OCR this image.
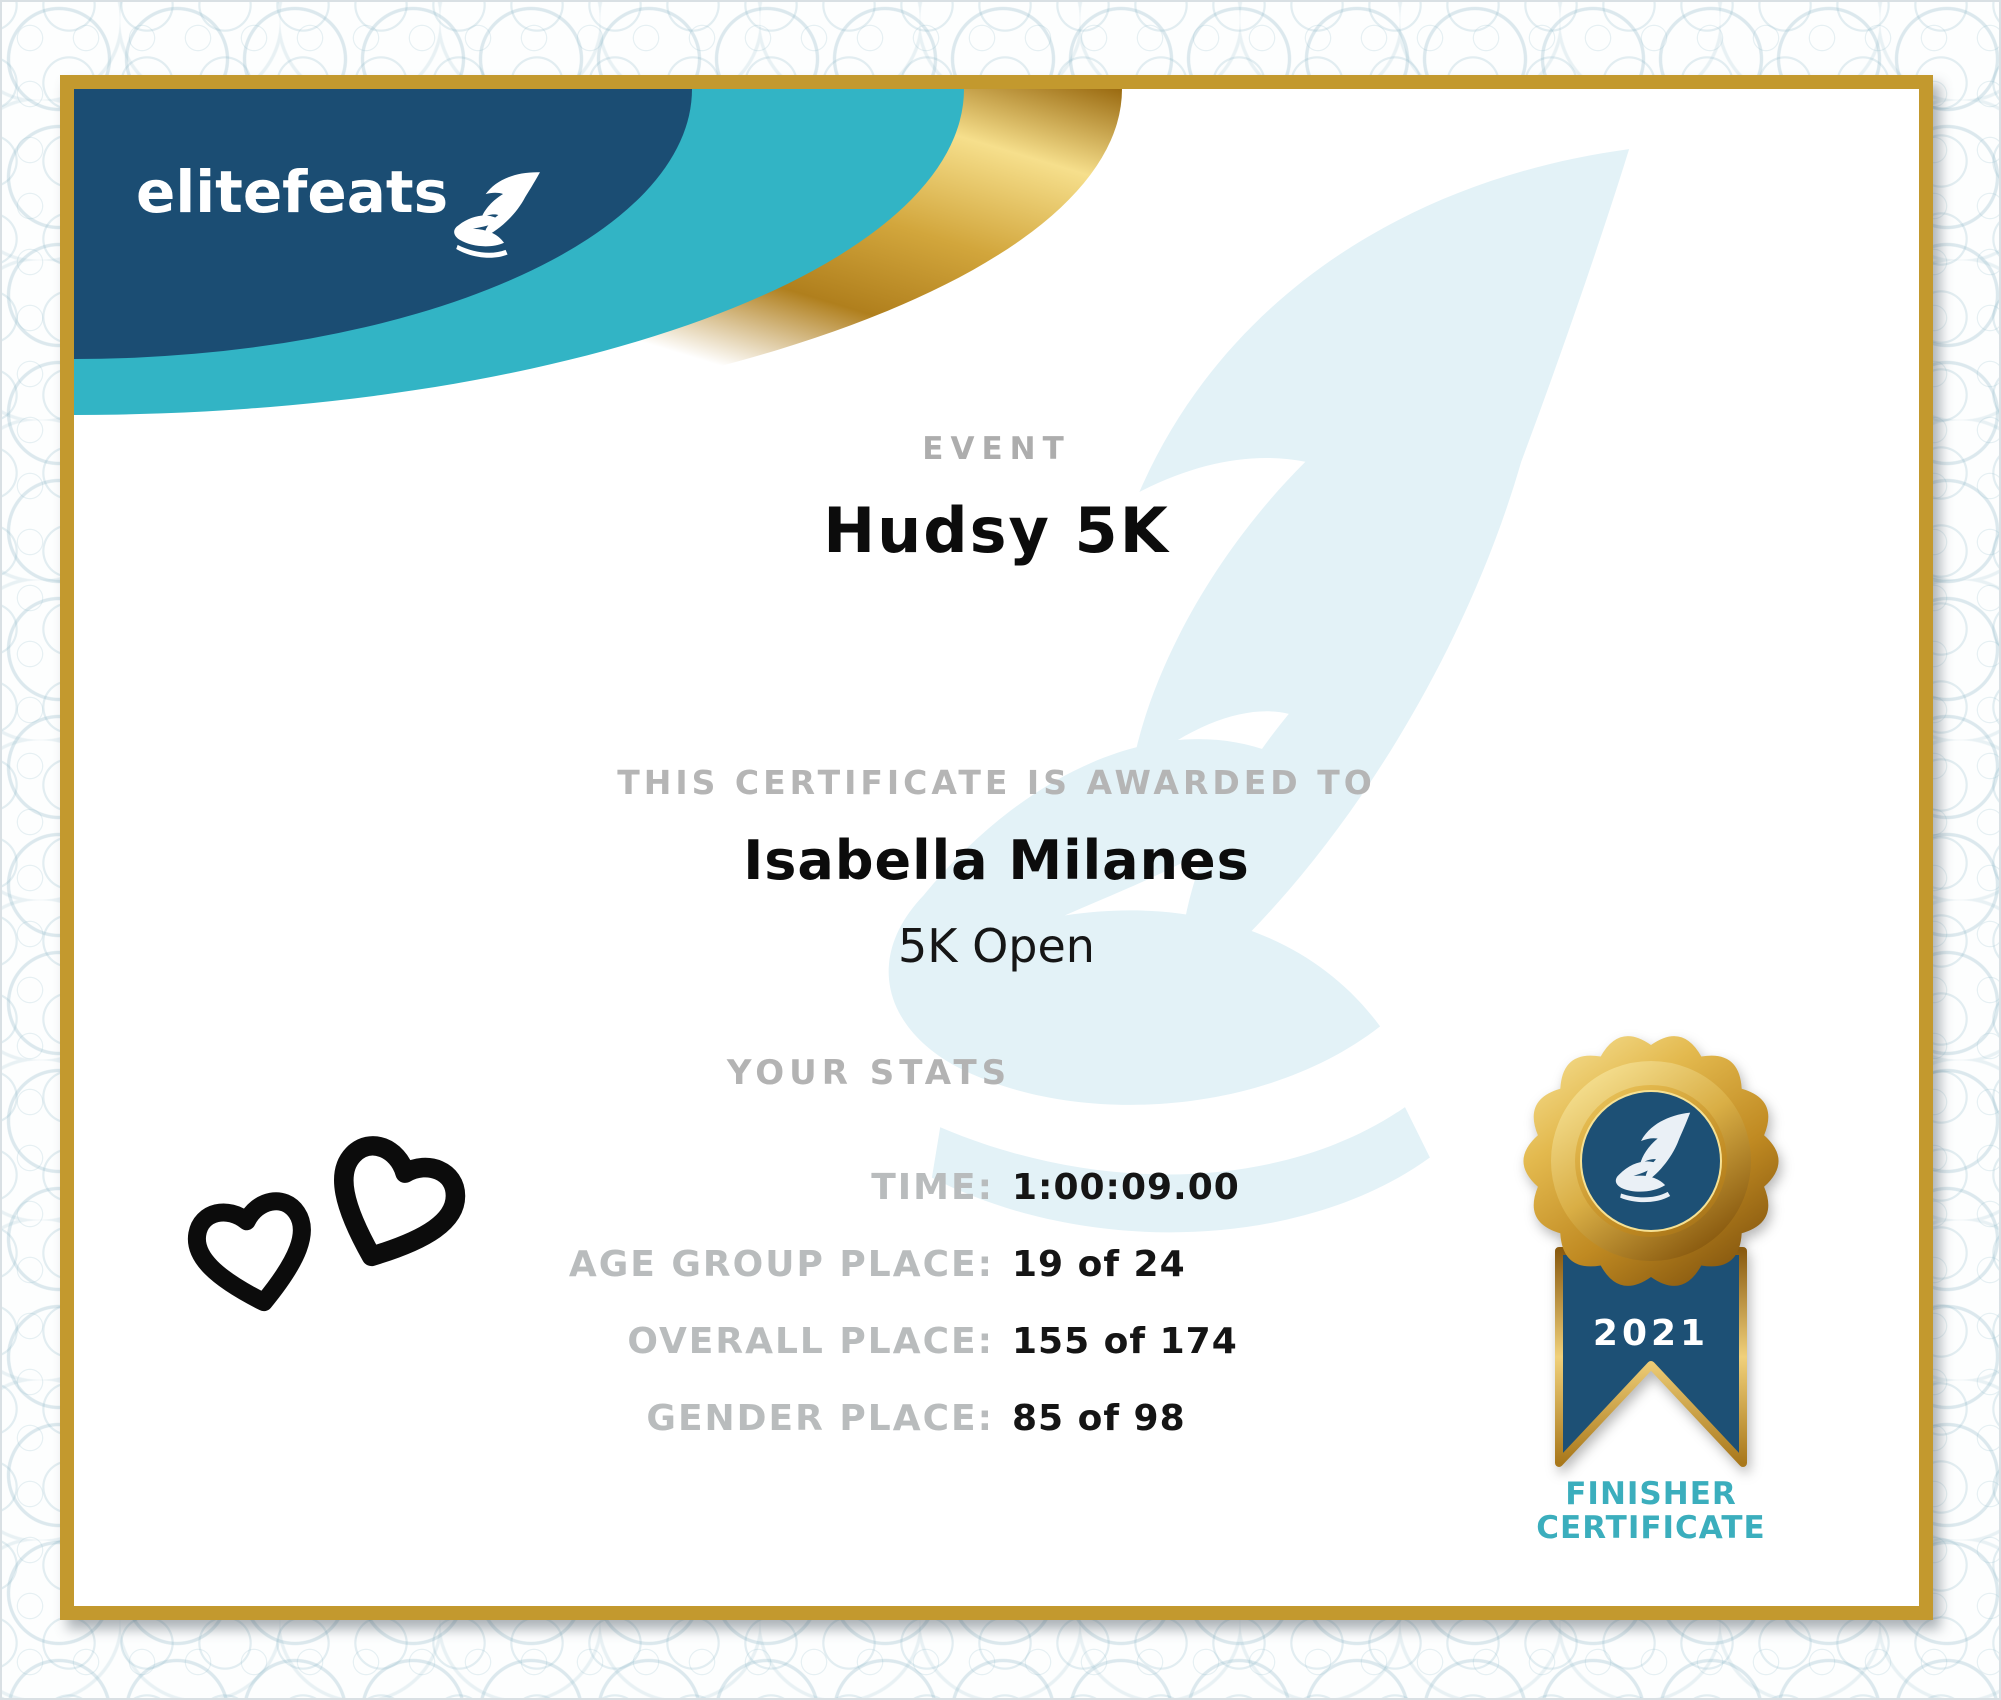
elitefeats
EVENT
Hudsy 5K
THIS CERTIFICATE IS AWARDED TO
Isabella Milanes
5K Open
YOUR STATS
TIME: 1:00:09.00
AGE GROUP PLACE: 19 of 24
OVERALL PLACE: 155 of 174
GENDER PLACE: 85 of 98
2021
FINISHER
CERTIFICATE
